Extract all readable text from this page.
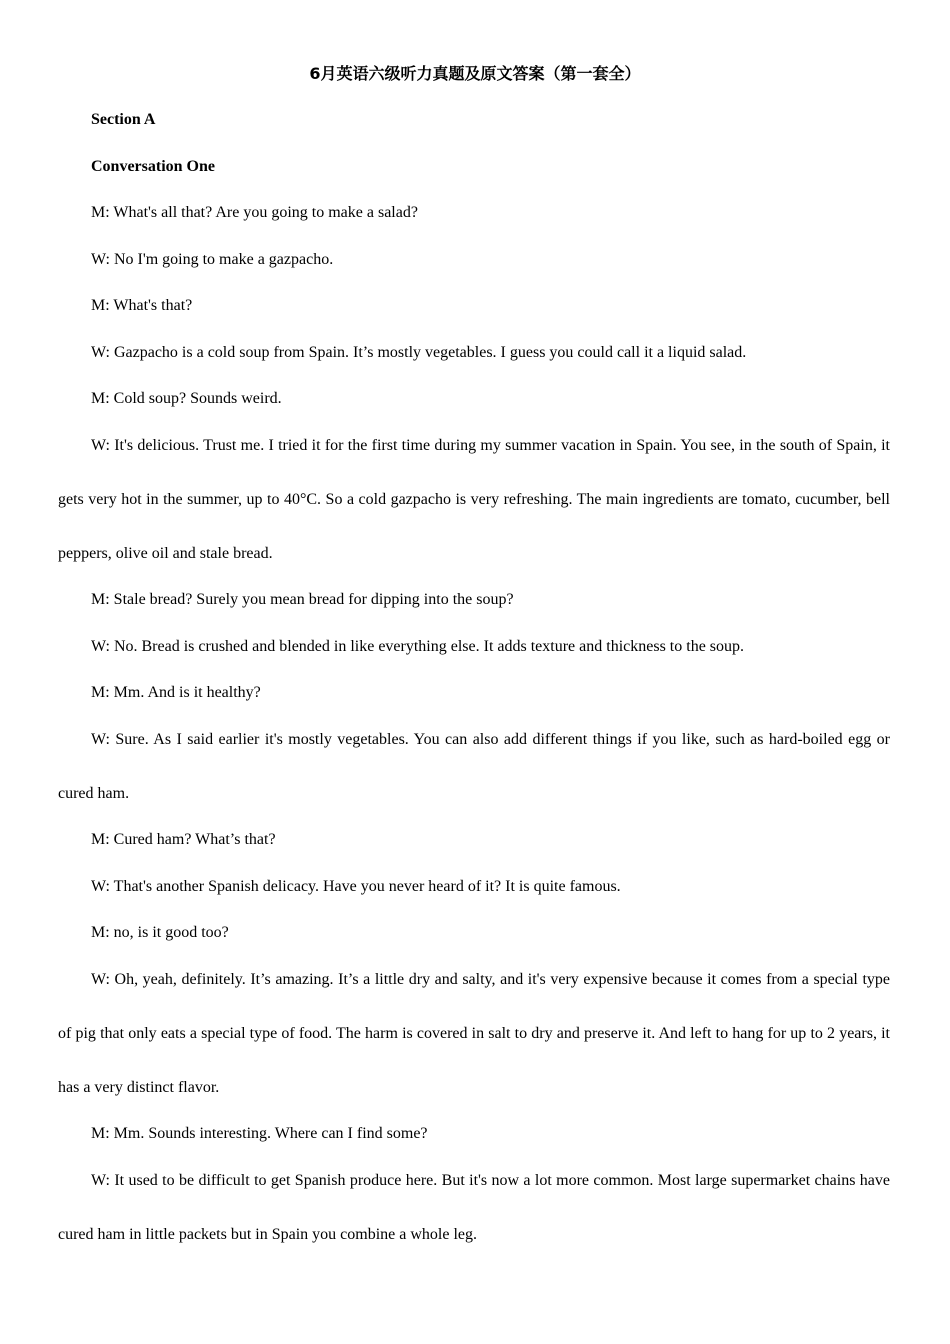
6月英语六级听力真题及原文答案（第一套全）

Section A

Conversation One

M: What's all that? Are you going to make a salad?

W: No I'm going to make a gazpacho.

M: What's that?

W: Gazpacho is a cold soup from Spain. It’s mostly vegetables. I guess you could call it a liquid salad.

M: Cold soup? Sounds weird.

W: It's delicious. Trust me. I tried it for the first time during my summer vacation in Spain. You see, in the south of Spain, it gets very hot in the summer, up to 40°C. So a cold gazpacho is very refreshing. The main ingredients are tomato, cucumber, bell peppers, olive oil and stale bread.

M: Stale bread? Surely you mean bread for dipping into the soup?

W: No. Bread is crushed and blended in like everything else. It adds texture and thickness to the soup.

M: Mm. And is it healthy?

W: Sure. As I said earlier it's mostly vegetables. You can also add different things if you like, such as hard-boiled egg or cured ham.

M: Cured ham? What’s that?

W: That's another Spanish delicacy. Have you never heard of it? It is quite famous.

M: no, is it good too?

W: Oh, yeah, definitely. It’s amazing. It’s a little dry and salty, and it's very expensive because it comes from a special type of pig that only eats a special type of food. The harm is covered in salt to dry and preserve it. And left to hang for up to 2 years, it has a very distinct flavor.

M: Mm. Sounds interesting. Where can I find some?

W: It used to be difficult to get Spanish produce here. But it's now a lot more common. Most large supermarket chains have cured ham in little packets but in Spain you combine a whole leg.
